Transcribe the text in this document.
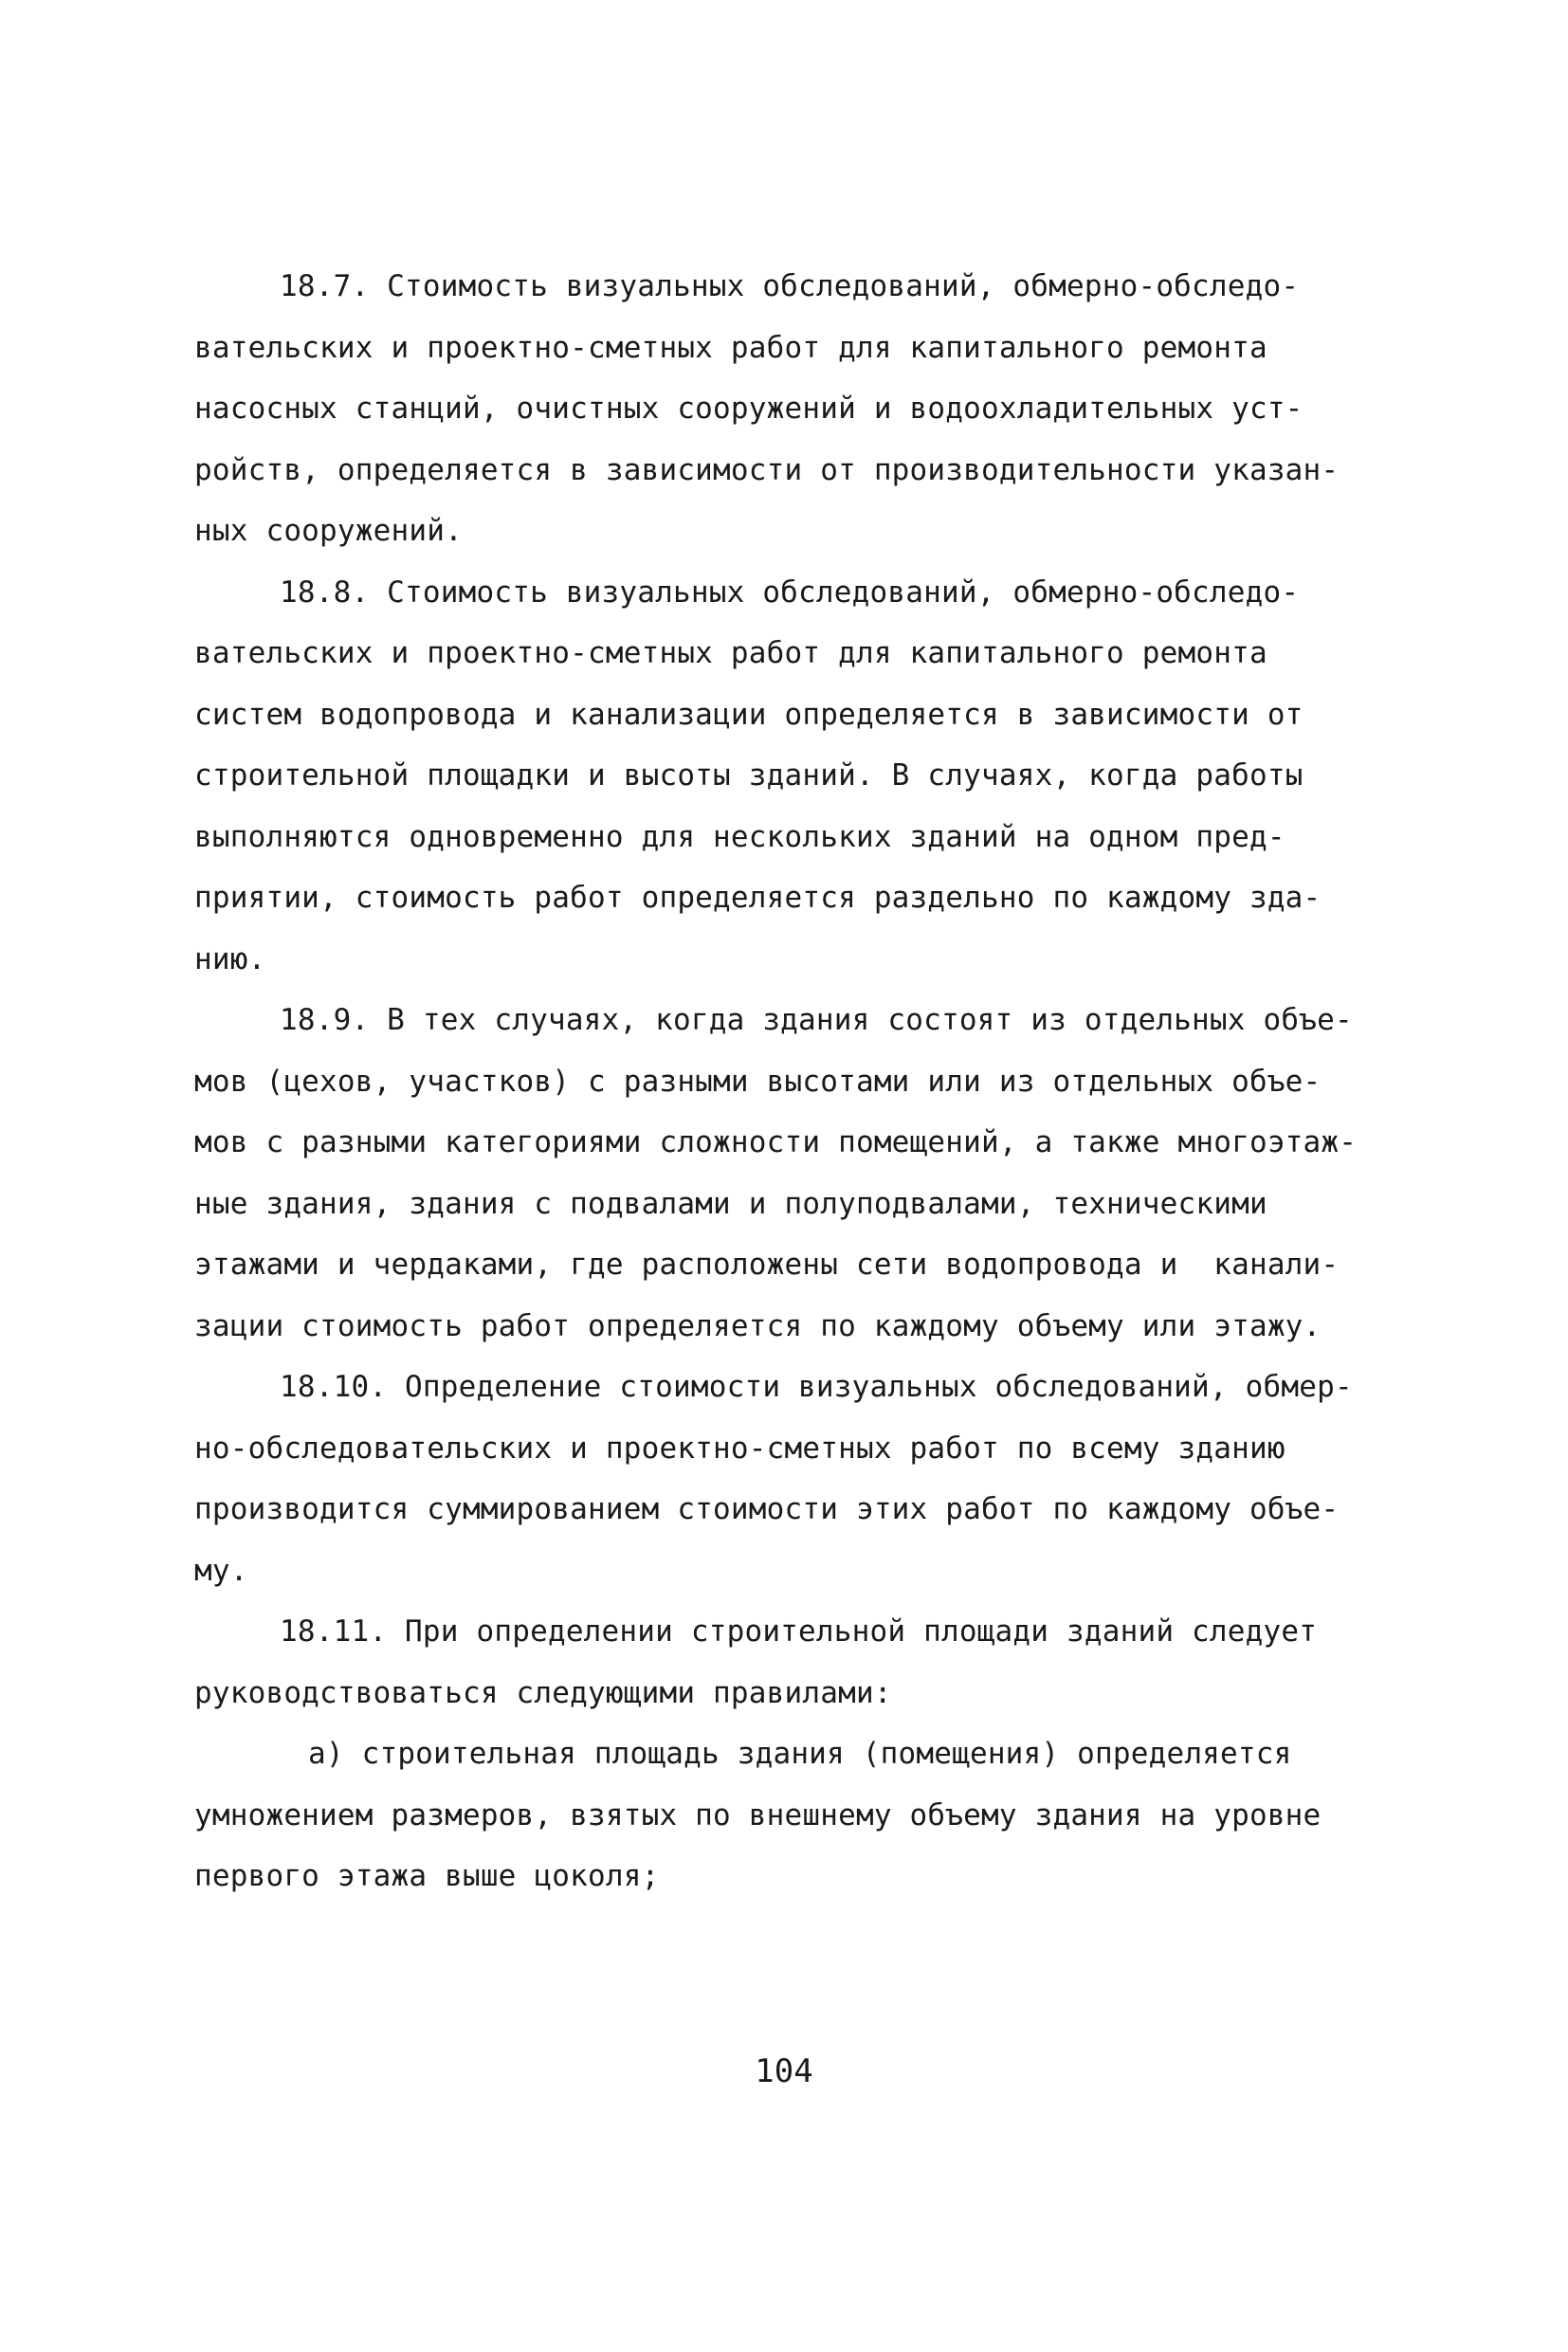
18.7. Стоимость визуальных обследований, обмерно-обследо-
вательских и проектно-сметных работ для капитального ремонта
насосных станций, очистных сооружений и водоохладительных уст-
ройств, определяется в зависимости от производительности указан-
ных сооружений.
18.8. Стоимость визуальных обследований, обмерно-обследо-
вательских и проектно-сметных работ для капитального ремонта
систем водопровода и канализации определяется в зависимости от
строительной площадки и высоты зданий. В случаях, когда работы
выполняются одновременно для нескольких зданий на одном пред-
приятии, стоимость работ определяется раздельно по каждому зда-
нию.
18.9. В тех случаях, когда здания состоят из отдельных объе-
мов (цехов, участков) с разными высотами или из отдельных объе-
мов с разными категориями сложности помещений, а также многоэтаж-
ные здания, здания с подвалами и полуподвалами, техническими
этажами и чердаками, где расположены сети водопровода и  канали-
зации стоимость работ определяется по каждому объему или этажу.
18.10. Определение стоимости визуальных обследований, обмер-
но-обследовательских и проектно-сметных работ по всему зданию
производится суммированием стоимости этих работ по каждому объе-
му.
18.11. При определении строительной площади зданий следует
руководствоваться следующими правилами:
а) строительная площадь здания (помещения) определяется
умножением размеров, взятых по внешнему объему здания на уровне
первого этажа выше цоколя;
104
